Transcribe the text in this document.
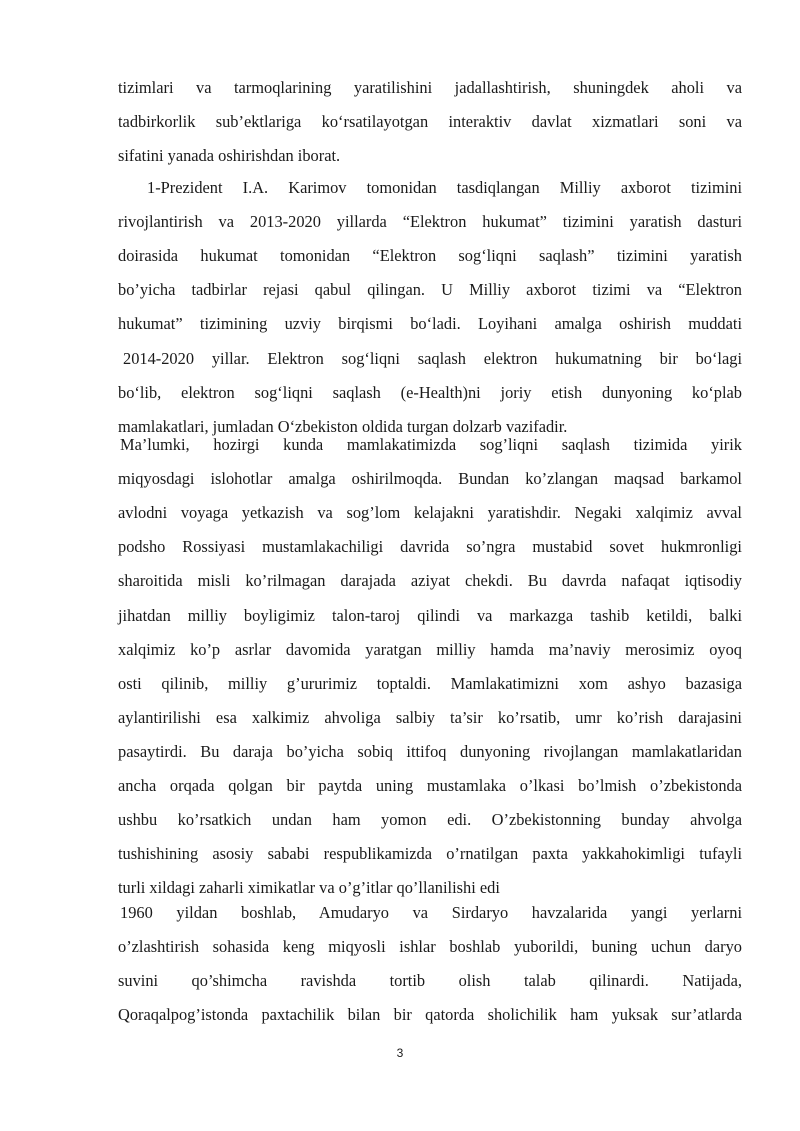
tizimlari va tarmoqlarining yaratilishini jadallashtirish, shuningdek aholi va
tadbirkorlik sub’ektlariga ko‘rsatilayotgan interaktiv davlat xizmatlari soni va
sifatini yanada oshirishdan iborat.
1-Prezident I.A. Karimov tomonidan tasdiqlangan Milliy axborot tizimini
rivojlantirish va 2013-2020 yillarda “Elektron hukumat” tizimini yaratish dasturi
doirasida hukumat tomonidan “Elektron sog‘liqni saqlash” tizimini yaratish
bo’yicha tadbirlar rejasi qabul qilingan. U Milliy axborot tizimi va “Elektron
hukumat” tizimining uzviy birqismi bo‘ladi. Loyihani amalga oshirish muddati
2014-2020 yillar. Elektron sog‘liqni saqlash elektron hukumatning bir bo‘lagi
bo‘lib, elektron sog‘liqni saqlash (e-Health)ni joriy etish dunyoning ko‘plab
mamlakatlari, jumladan O‘zbekiston oldida turgan dolzarb vazifadir.
Ma’lumki, hozirgi kunda mamlakatimizda sog’liqni saqlash tizimida yirik
miqyosdagi islohotlar amalga oshirilmoqda. Bundan ko’zlangan maqsad barkamol
avlodni voyaga yetkazish va sog’lom kelajakni yaratishdir. Negaki xalqimiz avval
podsho Rossiyasi mustamlakachiligi davrida so’ngra mustabid sovet hukmronligi
sharoitida misli ko’rilmagan darajada aziyat chekdi. Bu davrda nafaqat iqtisodiy
jihatdan milliy boyligimiz talon-taroj qilindi va markazga tashib ketildi, balki
xalqimiz ko’p asrlar davomida yaratgan milliy hamda ma’naviy merosimiz oyoq
osti qilinib, milliy g’ururimiz toptaldi. Mamlakatimizni xom ashyo bazasiga
aylantirilishi esa xalkimiz ahvoliga salbiy ta’sir ko’rsatib, umr ko’rish darajasini
pasaytirdi. Bu daraja bo’yicha sobiq ittifoq dunyoning rivojlangan mamlakatlaridan
ancha orqada qolgan bir paytda uning mustamlaka o’lkasi bo’lmish o’zbekistonda
ushbu ko’rsatkich undan ham yomon edi. O’zbekistonning bunday ahvolga
tushishining asosiy sababi respublikamizda o’rnatilgan paxta yakkahokimligi tufayli
turli xildagi zaharli ximikatlar va o’g’itlar qo’llanilishi edi
1960 yildan boshlab, Amudaryo va Sirdaryo havzalarida yangi yerlarni
o’zlashtirish sohasida keng miqyosli ishlar boshlab yuborildi, buning uchun daryo
suvini qo’shimcha ravishda tortib olish talab qilinardi. Natijada,
Qoraqalpog’istonda paxtachilik bilan bir qatorda sholichilik ham yuksak sur’atlarda
3
